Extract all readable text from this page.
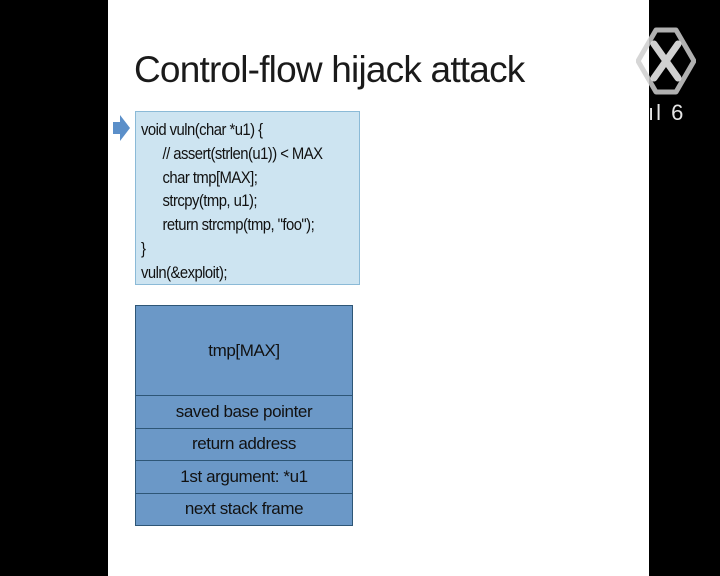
Control-flow hijack attack
void vuln(char *u1) {
// assert(strlen(u1)) < MAX
char tmp[MAX];
strcpy(tmp, u1);
return strcmp(tmp, "foo");
}
vuln(&exploit);
tmp[MAX]
saved base pointer
return address
1st argument: *u1
next stack frame
ıl 6
